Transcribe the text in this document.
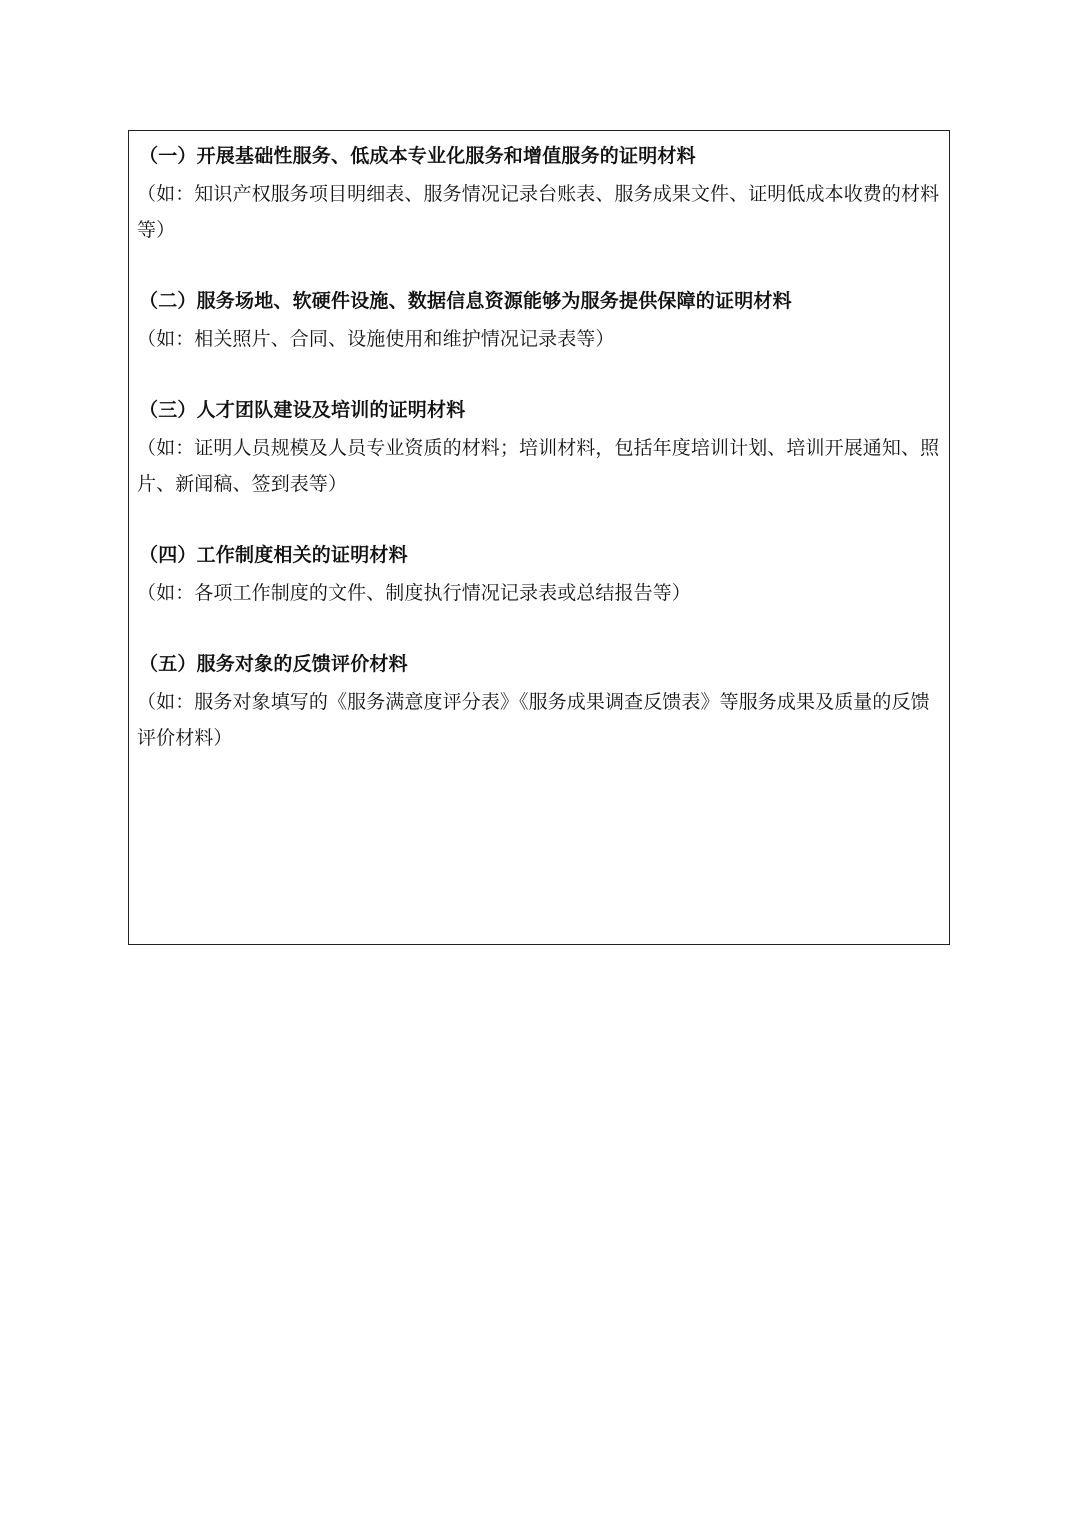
（一）开展基础性服务、低成本专业化服务和增值服务的证明材料
（如：知识产权服务项目明细表、服务情况记录台账表、服务成果文件、证明低成本收费的材料等）
（二）服务场地、软硬件设施、数据信息资源能够为服务提供保障的证明材料
（如：相关照片、合同、设施使用和维护情况记录表等）
（三）人才团队建设及培训的证明材料
（如：证明人员规模及人员专业资质的材料；培训材料，包括年度培训计划、培训开展通知、照片、新闻稿、签到表等）
（四）工作制度相关的证明材料
（如：各项工作制度的文件、制度执行情况记录表或总结报告等）
（五）服务对象的反馈评价材料
（如：服务对象填写的《服务满意度评分表》《服务成果调查反馈表》等服务成果及质量的反馈评价材料）
